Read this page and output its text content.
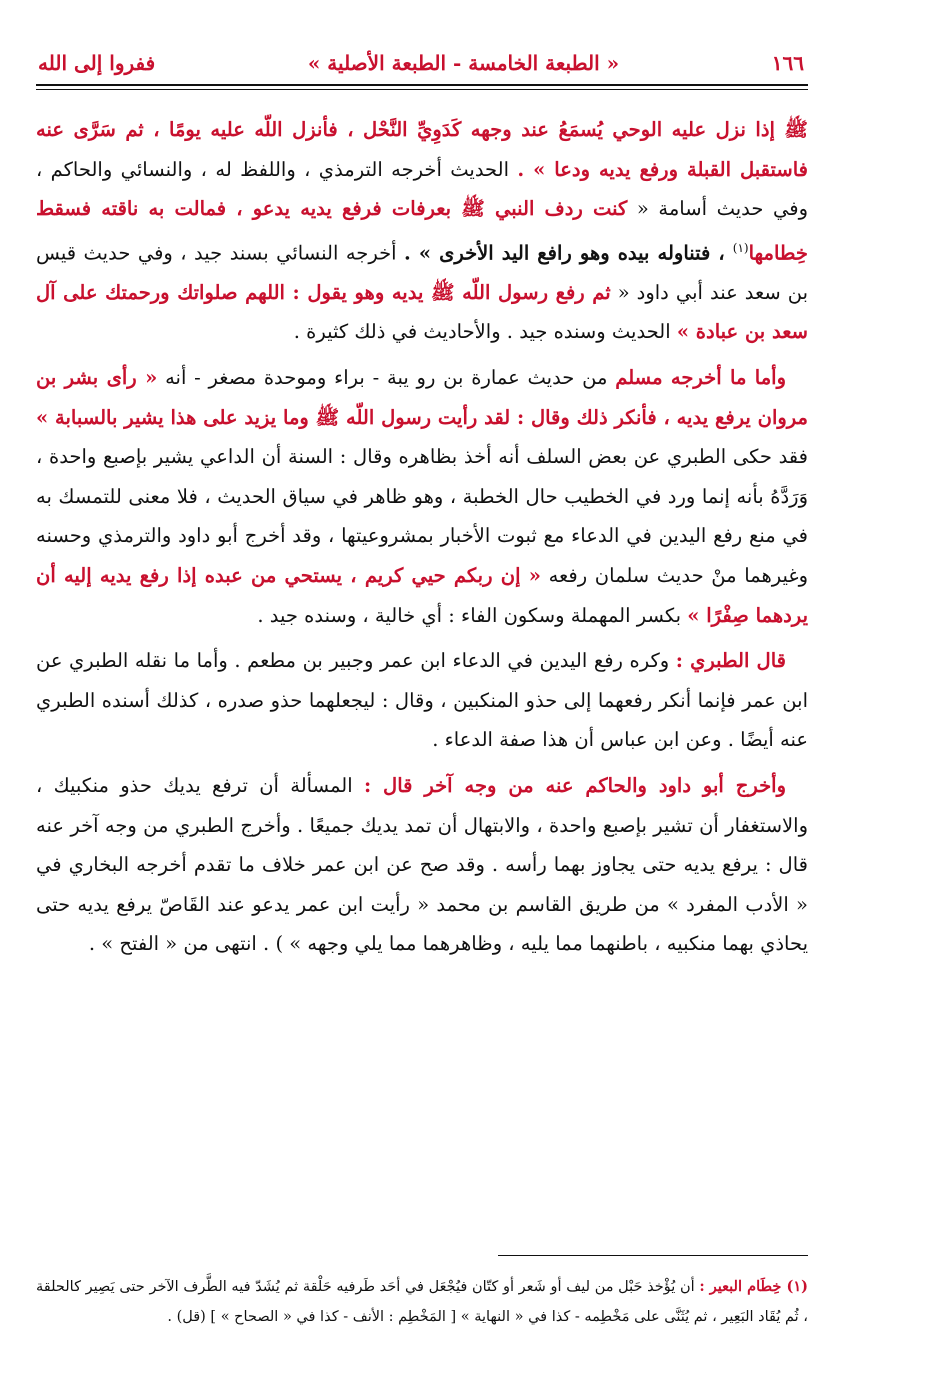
١٦٦
« الطبعة الخامسة - الطبعة الأصلية »
ففروا إلى الله

ﷺ إذا نزل عليه الوحي يُسمَعُ عند وجهه كَدَوِيِّ النَّحْل ، فأنزل اللّه عليه يومًا ، ثم سَرَّى عنه فاستقبل القبلة ورفع يديه ودعا » . الحديث أخرجه الترمذي ، واللفظ له ، والنسائي والحاكم ، وفي حديث أسامة « كنت ردف النبي ﷺ بعرفات فرفع يديه يدعو ، فمالت به ناقته فسقط خِطامها$^{(١)}$ ، فتناوله بيده وهو رافع اليد الأخرى » . أخرجه النسائي بسند جيد ، وفي حديث قيس بن سعد عند أبي داود « ثم رفع رسول اللّه ﷺ يديه وهو يقول : اللهم صلواتك ورحمتك على آل سعد بن عبادة » الحديث وسنده جيد . والأحاديث في ذلك كثيرة .

وأما ما أخرجه مسلم من حديث عمارة بن رو يبة - براء وموحدة مصغر - أنه « رأى بشر بن مروان يرفع يديه ، فأنكر ذلك وقال : لقد رأيت رسول اللّه ﷺ وما يزيد على هذا يشير بالسبابة » فقد حكى الطبري عن بعض السلف أنه أخذ بظاهره وقال : السنة أن الداعي يشير بإصبع واحدة ، وَرَدَّهُ بأنه إنما ورد في الخطيب حال الخطبة ، وهو ظاهر في سياق الحديث ، فلا معنى للتمسك به في منع رفع اليدين في الدعاء مع ثبوت الأخبار بمشروعيتها ، وقد أخرج أبو داود والترمذي وحسنه وغيرهما منْ حديث سلمان رفعه « إن ربكم حيي كريم ، يستحي من عبده إذا رفع يديه إليه أن يردهما صِفْرًا » بكسر المهملة وسكون الفاء : أي خالية ، وسنده جيد .

قال الطبري : وكره رفع اليدين في الدعاء ابن عمر وجبير بن مطعم . وأما ما نقله الطبري عن ابن عمر فإنما أنكر رفعهما إلى حذو المنكبين ، وقال : ليجعلهما حذو صدره ، كذلك أسنده الطبري عنه أيضًا . وعن ابن عباس أن هذا صفة الدعاء .

وأخرج أبو داود والحاكم عنه من وجه آخر قال : المسألة أن ترفع يديك حذو منكبيك ، والاستغفار أن تشير بإصبع واحدة ، والابتهال أن تمد يديك جميعًا . وأخرج الطبري من وجه آخر عنه قال : يرفع يديه حتى يجاوز بهما رأسه . وقد صح عن ابن عمر خلاف ما تقدم أخرجه البخاري في « الأدب المفرد » من طريق القاسم بن محمد « رأيت ابن عمر يدعو عند القَاصّ يرفع يديه حتى يحاذي بهما منكبيه ، باطنهما مما يليه ، وظاهرهما مما يلي وجهه » ) . انتهى من « الفتح » .

(١) خِطَام البعير : أن يُؤْخذ حَبْل من ليف أو شَعر أو كتّان فيُجْعَل في أحَد طَرفيه حَلْقة ثم يُشَدّ فيه الطَّرف الآخر حتى يَصِير كالحلقة ، ثُم يُقَاد البَعِير ، ثم يُثَنَّى على مَخْطِمه - كذا في « النهاية » [ المَخْطِم : الأنف - كذا في « الصحاح » ] (قل) .
